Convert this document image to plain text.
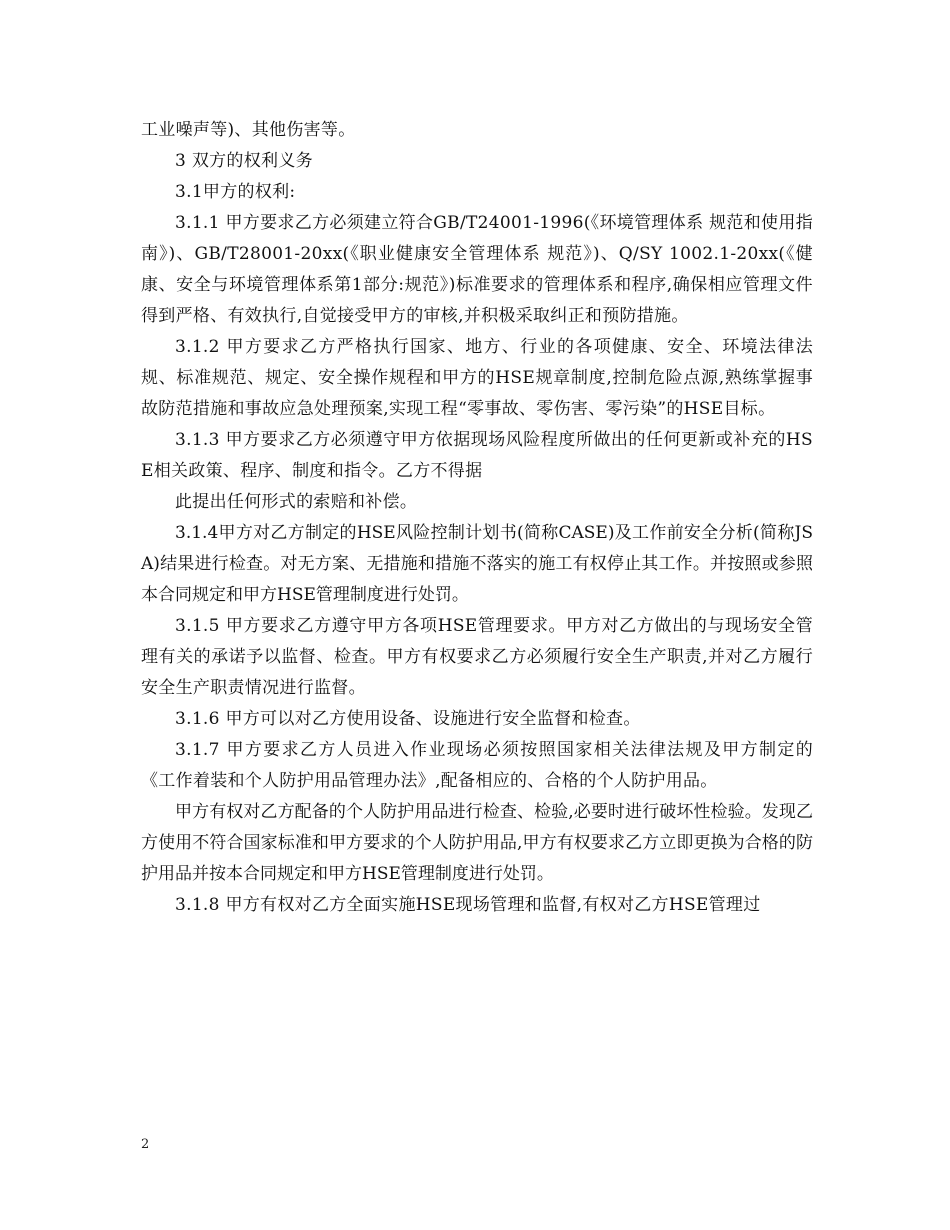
工业噪声等)、其他伤害等。

3 双方的权利义务

3.1甲方的权利:

3.1.1 甲方要求乙方必须建立符合GB/T24001-1996(《环境管理体系 规范和使用指南》)、GB/T28001-20xx(《职业健康安全管理体系 规范》)、Q/SY 1002.1-20xx(《健康、安全与环境管理体系第1部分:规范》)标准要求的管理体系和程序,确保相应管理文件得到严格、有效执行,自觉接受甲方的审核,并积极采取纠正和预防措施。

3.1.2 甲方要求乙方严格执行国家、地方、行业的各项健康、安全、环境法律法规、标准规范、规定、安全操作规程和甲方的HSE规章制度,控制危险点源,熟练掌握事故防范措施和事故应急处理预案,实现工程“零事故、零伤害、零污染”的HSE目标。

3.1.3 甲方要求乙方必须遵守甲方依据现场风险程度所做出的任何更新或补充的HSE相关政策、程序、制度和指令。乙方不得据

此提出任何形式的索赔和补偿。

3.1.4甲方对乙方制定的HSE风险控制计划书(简称CASE)及工作前安全分析(简称JSA)结果进行检查。对无方案、无措施和措施不落实的施工有权停止其工作。并按照或参照本合同规定和甲方HSE管理制度进行处罚。

3.1.5 甲方要求乙方遵守甲方各项HSE管理要求。甲方对乙方做出的与现场安全管理有关的承诺予以监督、检查。甲方有权要求乙方必须履行安全生产职责,并对乙方履行安全生产职责情况进行监督。

3.1.6 甲方可以对乙方使用设备、设施进行安全监督和检查。

3.1.7 甲方要求乙方人员进入作业现场必须按照国家相关法律法规及甲方制定的《工作着装和个人防护用品管理办法》,配备相应的、合格的个人防护用品。

甲方有权对乙方配备的个人防护用品进行检查、检验,必要时进行破坏性检验。发现乙方使用不符合国家标准和甲方要求的个人防护用品,甲方有权要求乙方立即更换为合格的防护用品并按本合同规定和甲方HSE管理制度进行处罚。

3.1.8 甲方有权对乙方全面实施HSE现场管理和监督,有权对乙方HSE管理过

2
